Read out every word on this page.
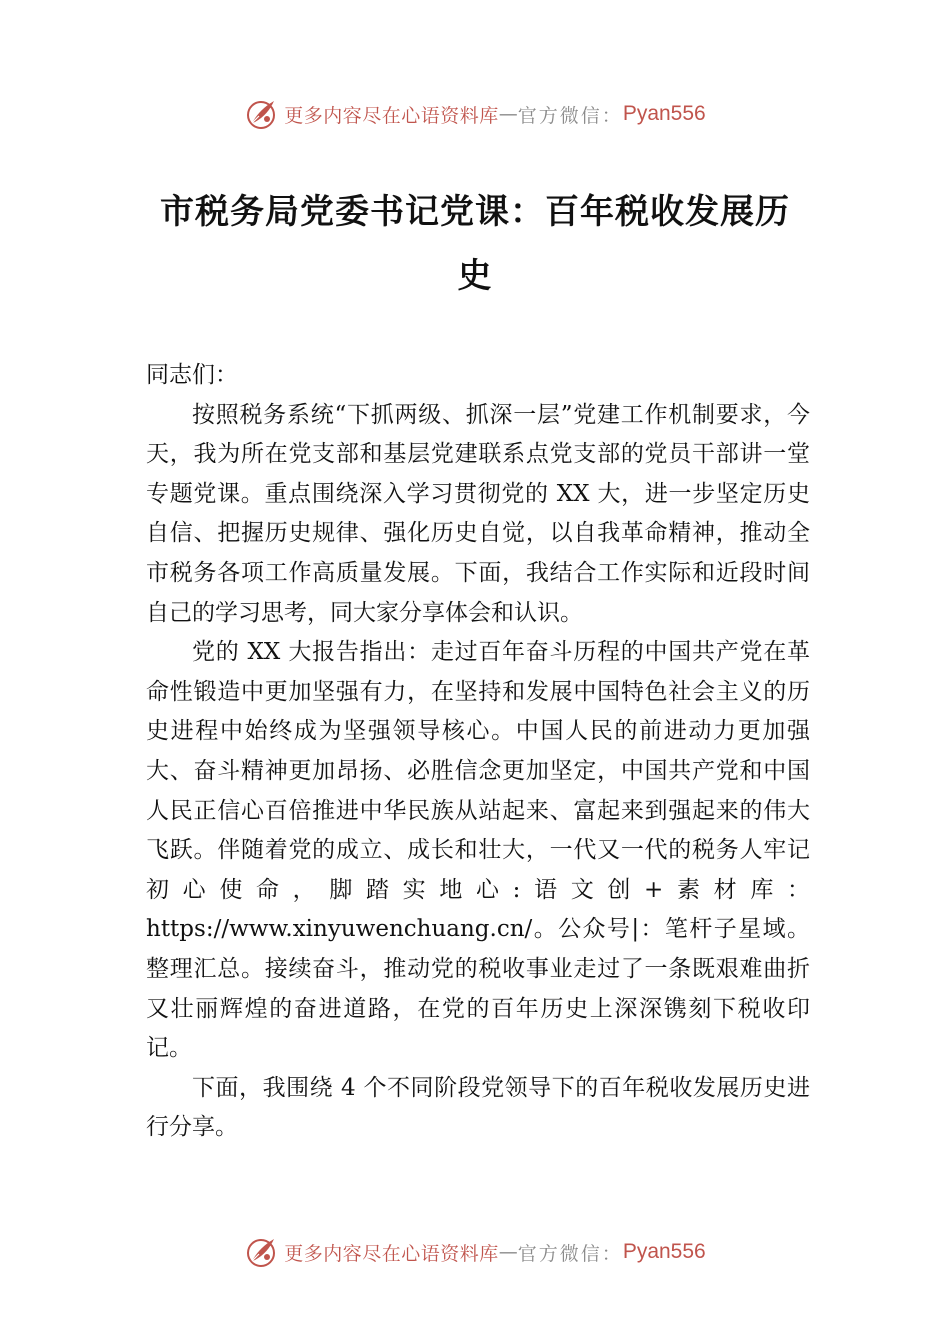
更多内容尽在心语资料库 — 官方微信： Pyan556
市税务局党委书记党课：百年税收发展历史

同志们：

按照税务系统“下抓两级、抓深一层”党建工作机制要求，今天，我为所在党支部和基层党建联系点党支部的党员干部讲一堂专题党课。重点围绕深入学习贯彻党的 XX 大，进一步坚定历史自信、把握历史规律、强化历史自觉，以自我革命精神，推动全市税务各项工作高质量发展。下面，我结合工作实际和近段时间自己的学习思考，同大家分享体会和认识。

党的 XX 大报告指出：走过百年奋斗历程的中国共产党在革命性锻造中更加坚强有力，在坚持和发展中国特色社会主义的历史进程中始终成为坚强领导核心。中国人民的前进动力更加强大、奋斗精神更加昂扬、必胜信念更加坚定，中国共产党和中国人民正信心百倍推进中华民族从站起来、富起来到强起来的伟大飞跃。伴随着党的成立、成长和壮大，一代又一代的税务人牢记初心使命，脚踏实地心:语文创+素材库：https://www.xinyuwenchuang.cn/。公众号|：笔杆子星域。整理汇总。接续奋斗，推动党的税收事业走过了一条既艰难曲折又壮丽辉煌的奋进道路，在党的百年历史上深深镌刻下税收印记。

下面，我围绕 4 个不同阶段党领导下的百年税收发展历史进行分享。

更多内容尽在心语资料库 — 官方微信： Pyan556
